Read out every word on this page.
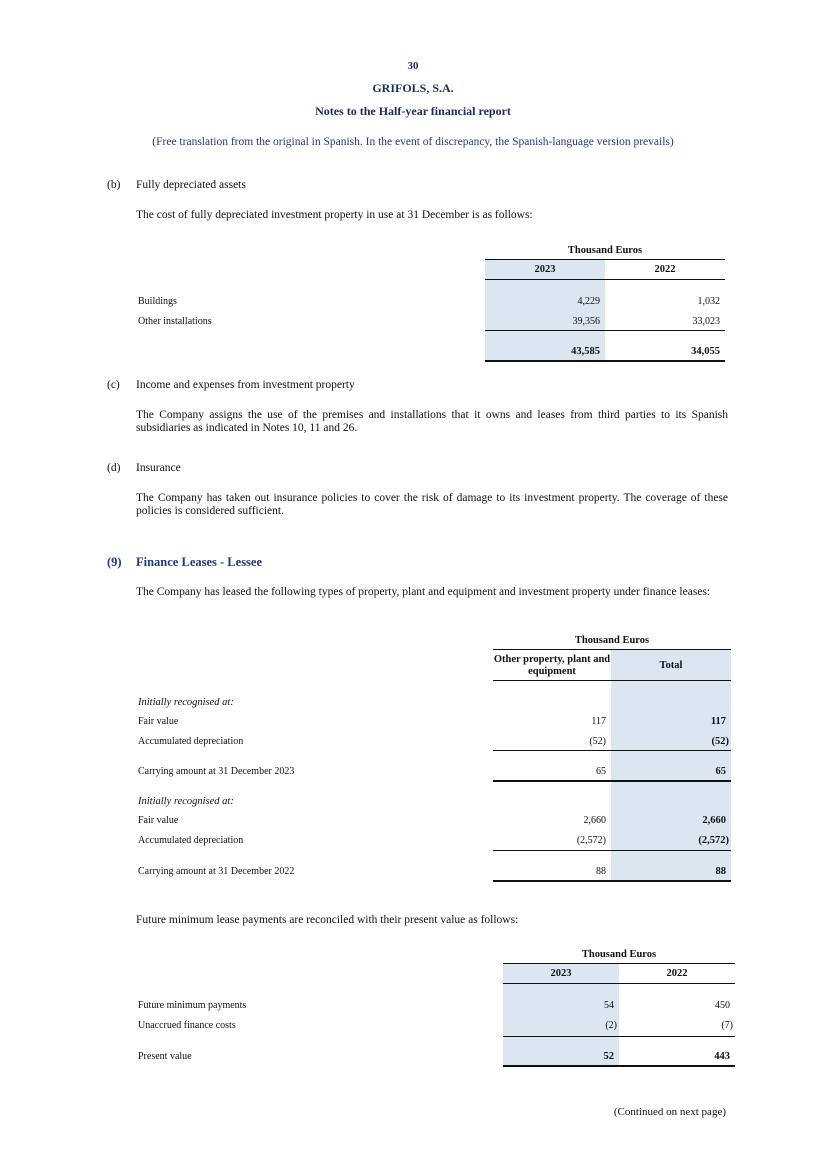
30
GRIFOLS, S.A.
Notes to the Half-year financial report
(Free translation from the original in Spanish. In the event of discrepancy, the Spanish-language version prevails)
(b) Fully depreciated assets
The cost of fully depreciated investment property in use at 31 December is as follows:
Thousand Euros
2023	2022
Buildings	4,229	1,032
Other installations	39,356	33,023
43,585	34,055
(c) Income and expenses from investment property
The Company assigns the use of the premises and installations that it owns and leases from third parties to its Spanish subsidiaries as indicated in Notes 10, 11 and 26.
(d) Insurance
The Company has taken out insurance policies to cover the risk of damage to its investment property. The coverage of these policies is considered sufficient.
(9) Finance Leases - Lessee
The Company has leased the following types of property, plant and equipment and investment property under finance leases:
Thousand Euros
Other property, plant and equipment
Total
Initially recognised at:
Fair value	117	117
Accumulated depreciation	(52)	(52)
Carrying amount at 31 December 2023	65	65
Initially recognised at:
Fair value	2,660	2,660
Accumulated depreciation	(2,572)	(2,572)
Carrying amount at 31 December 2022	88	88
Future minimum lease payments are reconciled with their present value as follows:
Thousand Euros
2023	2022
Future minimum payments	54	450
Unaccrued finance costs	(2)	(7)
Present value	52	443
(Continued on next page)
